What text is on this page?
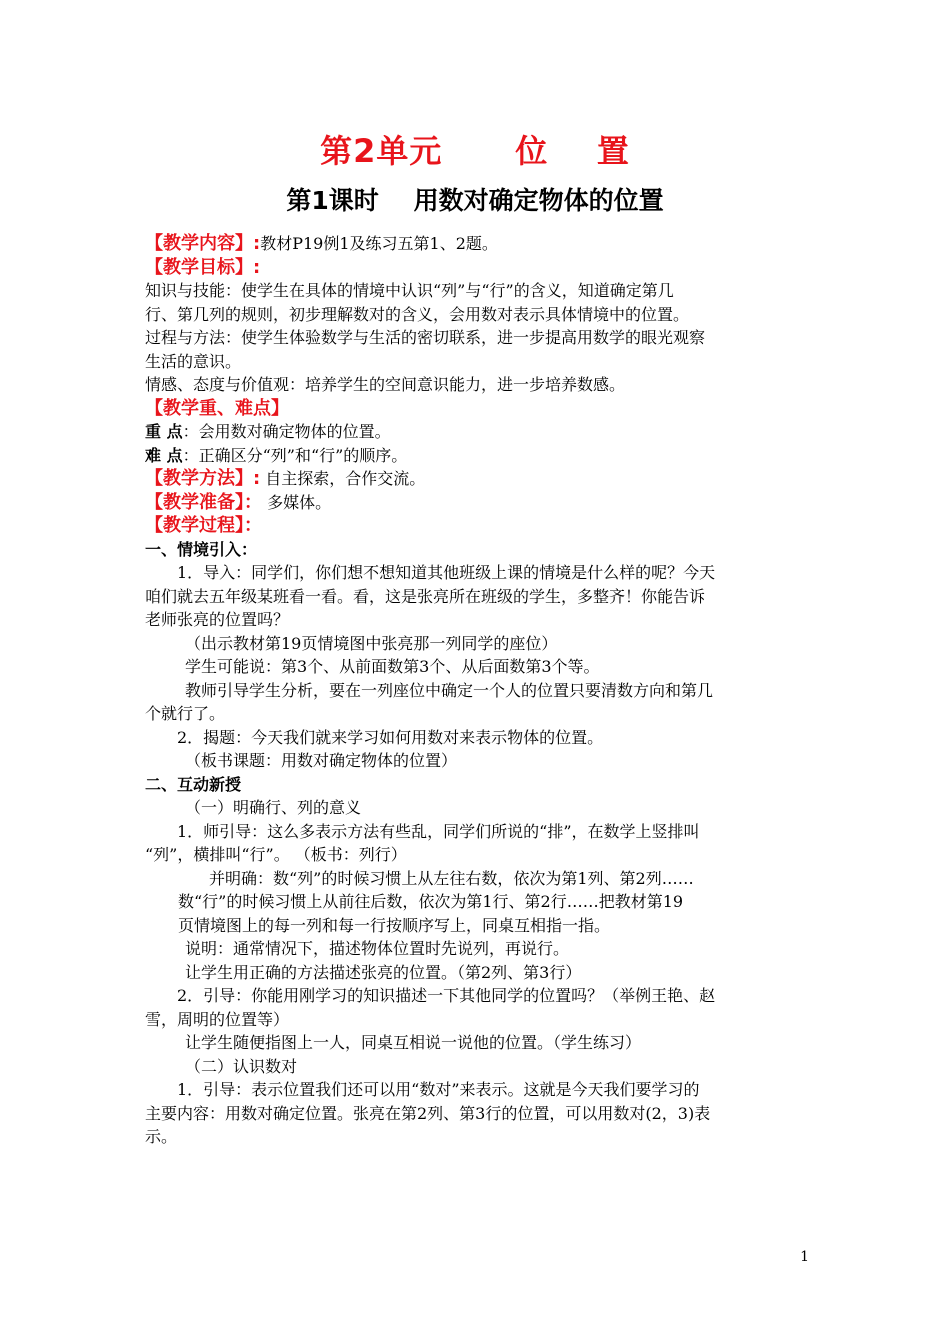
第2单元      位    置
第1课时    用数对确定物体的位置
【教学内容】:教材P19例1及练习五第1、2题。
【教学目标】:
知识与技能：使学生在具体的情境中认识“列”与“行”的含义，知道确定第几
行、第几列的规则，初步理解数对的含义，会用数对表示具体情境中的位置。
过程与方法：使学生体验数学与生活的密切联系，进一步提高用数学的眼光观察
生活的意识。
情感、态度与价值观：培养学生的空间意识能力，进一步培养数感。
【教学重、难点】
重 点：会用数对确定物体的位置。
难 点：正确区分“列”和“行”的顺序。
【教学方法】: 自主探索，合作交流。
【教学准备】： 多媒体。
【教学过程】：
一、情境引入：
1．导入：同学们，你们想不想知道其他班级上课的情境是什么样的呢？今天
咱们就去五年级某班看一看。看，这是张亮所在班级的学生，多整齐！你能告诉
老师张亮的位置吗？
（出示教材第19页情境图中张亮那一列同学的座位）
学生可能说：第3个、从前面数第3个、从后面数第3个等。
教师引导学生分析，要在一列座位中确定一个人的位置只要清数方向和第几
个就行了。
2．揭题：今天我们就来学习如何用数对来表示物体的位置。
（板书课题：用数对确定物体的位置）
二、互动新授
（一）明确行、列的意义
1．师引导：这么多表示方法有些乱，同学们所说的“排”，在数学上竖排叫
“列”，横排叫“行”。 （板书：列行）
并明确：数“列”的时候习惯上从左往右数，依次为第1列、第2列……
数“行”的时候习惯上从前往后数，依次为第1行、第2行……把教材第19
页情境图上的每一列和每一行按顺序写上，同桌互相指一指。
说明：通常情况下，描述物体位置时先说列，再说行。
让学生用正确的方法描述张亮的位置。（第2列、第3行）
2．引导：你能用刚学习的知识描述一下其他同学的位置吗？（举例王艳、赵
雪，周明的位置等）
让学生随便指图上一人，同桌互相说一说他的位置。（学生练习）
（二）认识数对
1．引导：表示位置我们还可以用“数对”来表示。这就是今天我们要学习的
主要内容：用数对确定位置。张亮在第2列、第3行的位置，可以用数对(2，3)表
示。
1
